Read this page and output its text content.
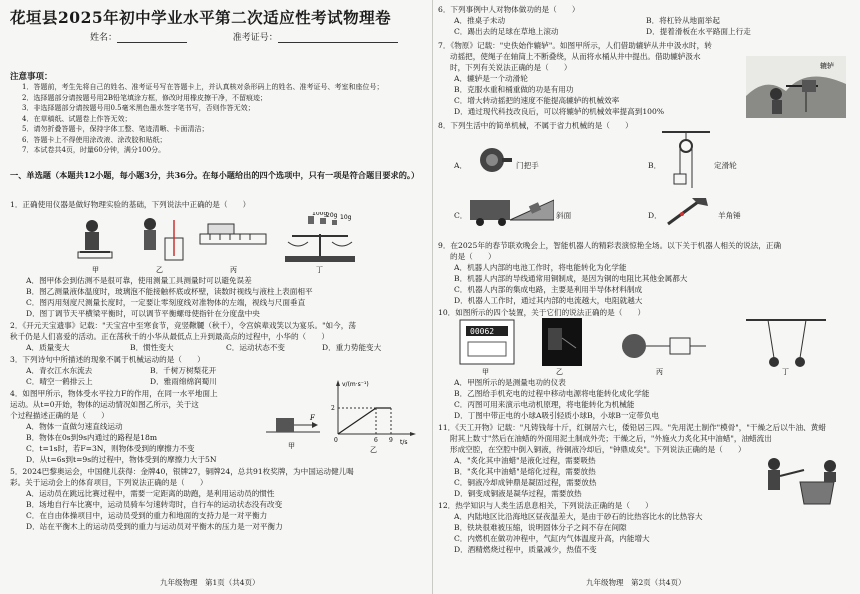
花垣县2025年初中学业水平第二次适应性考试物理卷
姓名：	准考证号：
注意事项：
1．答题前，考生先将自己的姓名、准考证号写在答题卡上，并认真核对条形码上的姓名、准考证号、考室和座位号；
2．选择题部分请按题号用2B铅笔填涂方框，修改时用橡皮擦干净，不留痕迹；
3．非选择题部分请按题号用0.5毫米黑色墨水签字笔书写，否则作答无效；
4．在草稿纸、试题卷上作答无效；
5．请勿折叠答题卡，保持字体工整、笔迹清晰、卡面清洁；
6．答题卡上不得使用涂改液、涂改胶和贴纸；
7．本试卷共4页，时量60分钟，满分100分。
一、单选题（本题共12小题，每小题3分，共36分。在每小题给出的四个选项中，只有一项是符合题目要求的。）
1．正确使用仪器是做好物理实验的基础，下列说法中正确的是（　　）
100g
20g 10g
甲	乙	丙	丁
A．图甲体会到估测不是很可靠，使用测量工具测量时可以避免误差
B．图乙测量液体温度时，玻璃泡不能接触杯底或杯壁，读数时视线与液柱上表面相平
C．图丙用刻度尺测量长度时，一定要让零刻度线对准物体的左端，视线与尺面垂直
D．图丁调节天平横梁平衡时，可以调节平衡螺母使指针在分度盘中央
2．《开元天宝遗事》记载："天宝宫中至寒食节，竞竖鞦韆（秋千），令宫嫔辈戏笑以为宴乐。"如今，荡
秋千仍是人们喜爱的活动。正在荡秋千的小华从最低点上升到最高点的过程中，小华的（　　）
A．质量变大	B．惯性变大	C．运动状态不变	D．重力势能变大
3．下列诗句中所描述的现象不属于机械运动的是（　　）
A．青衣江水东流去	B．千树万树梨花开
C．晴空一鹤排云上	D．雅雨绵绵润蜀川
4．如图甲所示，物体受水平拉力F的作用，在同一水平地面上
运动。从t=0开始，物体的运动情况如图乙所示，关于这
个过程描述正确的是（　　）
A．物体一直做匀速直线运动
B．物体在0s到9s内通过的路程是18m
C．t=1s时，若F=3N，则物体受到的摩擦力不变
D．从t=6s到t=9s的过程中，物体受到的摩擦力大于5N
F
v/(m·s⁻¹)
t/s
2
0	6 9
甲	乙
5．2024巴黎奥运会，中国健儿获得：金牌40，银牌27，铜牌24，总共91枚奖牌，为中国运动健儿喝
彩。关于运动会上的体育项目，下列说法正确的是（　　）
A．运动员在跳远比赛过程中，需要一定距离的助跑，是利用运动员的惯性
B．场地自行车比赛中，运动员骑车匀速转弯时，自行车的运动状态没有改变
C．在自由体操项目中，运动员受到的重力和地面的支持力是一对平衡力
D．站在平衡木上的运动员受到的重力与运动员对平衡木的压力是一对平衡力
九年级物理　第1页（共4页）
6．下列事例中人对物体做功的是（　　）
A．推桌子未动	B．将杠铃从地面举起
C．踢出去的足球在草地上滚动	D．提着滑板在水平路面上行走
7．《物原》记载："史佚始作辘轳"。如图甲所示，人们借助辘轳从井中汲水时，转
动摇把，使绳子在轴筒上不断叠绕，从而将水桶从井中提出。借助辘轳汲水
时，下列有关说法正确的是（　　）
A．辘轳是一个动滑轮
B．克服水重和桶重做的功是有用功
C．增大转动摇把的速度不能提高辘轳的机械效率
D．通过现代科技改良后，可以将辘轳的机械效率提高到100%
辘轳
8．下列生活中的简单机械，不属于省力机械的是（　　）
A．	门把手	B．	定滑轮
C．	斜面	D．	羊角锤
9．在2025年的春节联欢晚会上，智能机器人的精彩表演惊艳全场。以下关于机器人相关的说法，正确
的是（　　）
A．机器人内部的电池工作时，将电能转化为化学能
B．机器人内部的导线通常用铜制成，是因为铜的电阻比其他金属都大
C．机器人内部的集成电路，主要是利用半导体材料制成
D．机器人工作时，通过其内部的电流越大，电阻就越大
10．如图所示的四个装置，关于它们的说法正确的是（　　）
00062
甲	乙	丙	丁
A．甲图所示的是测量电功的仪表
B．乙图给手机充电的过程中移动电源将电能转化成化学能
C．丙图可用来演示电动机原理，将电能转化为机械能
D．丁图中带正电的小球A吸引轻质小球B，小球B一定带负电
11．《天工开物》记载："凡铸钱每十斤，红铜居六七，倭铅居三四。"先用泥土制作"模骨"，"干燥之后以牛油、黄蜡
附其上数寸"然后在油蜡的外面用泥土制成外壳；干燥之后，"外施火力炙化其中油蜡"，油蜡流出
形成空腔，在空腔中倒入铜液，待铜液冷却后，"钟鼎成矣"。下列说法正确的是（　　）
A．"炙化其中油蜡"是液化过程，需要吸热
B．"炙化其中油蜡"是熔化过程，需要放热
C．铜液冷却成钟鼎是凝固过程，需要放热
D．铜变成铜液是凝华过程，需要放热
12．热学知识与人类生活息息相关，下列说法正确的是（　　）
A．内陆地区比沿海地区昼夜温差大，是由于砂石的比热容比水的比热容大
B．铁块很难被压缩，说明固体分子之间不存在间隙
C．内燃机在做功冲程中，气缸内气体温度升高，内能增大
D．酒精燃烧过程中，质量减少，热值不变
九年级物理　第2页（共4页）
